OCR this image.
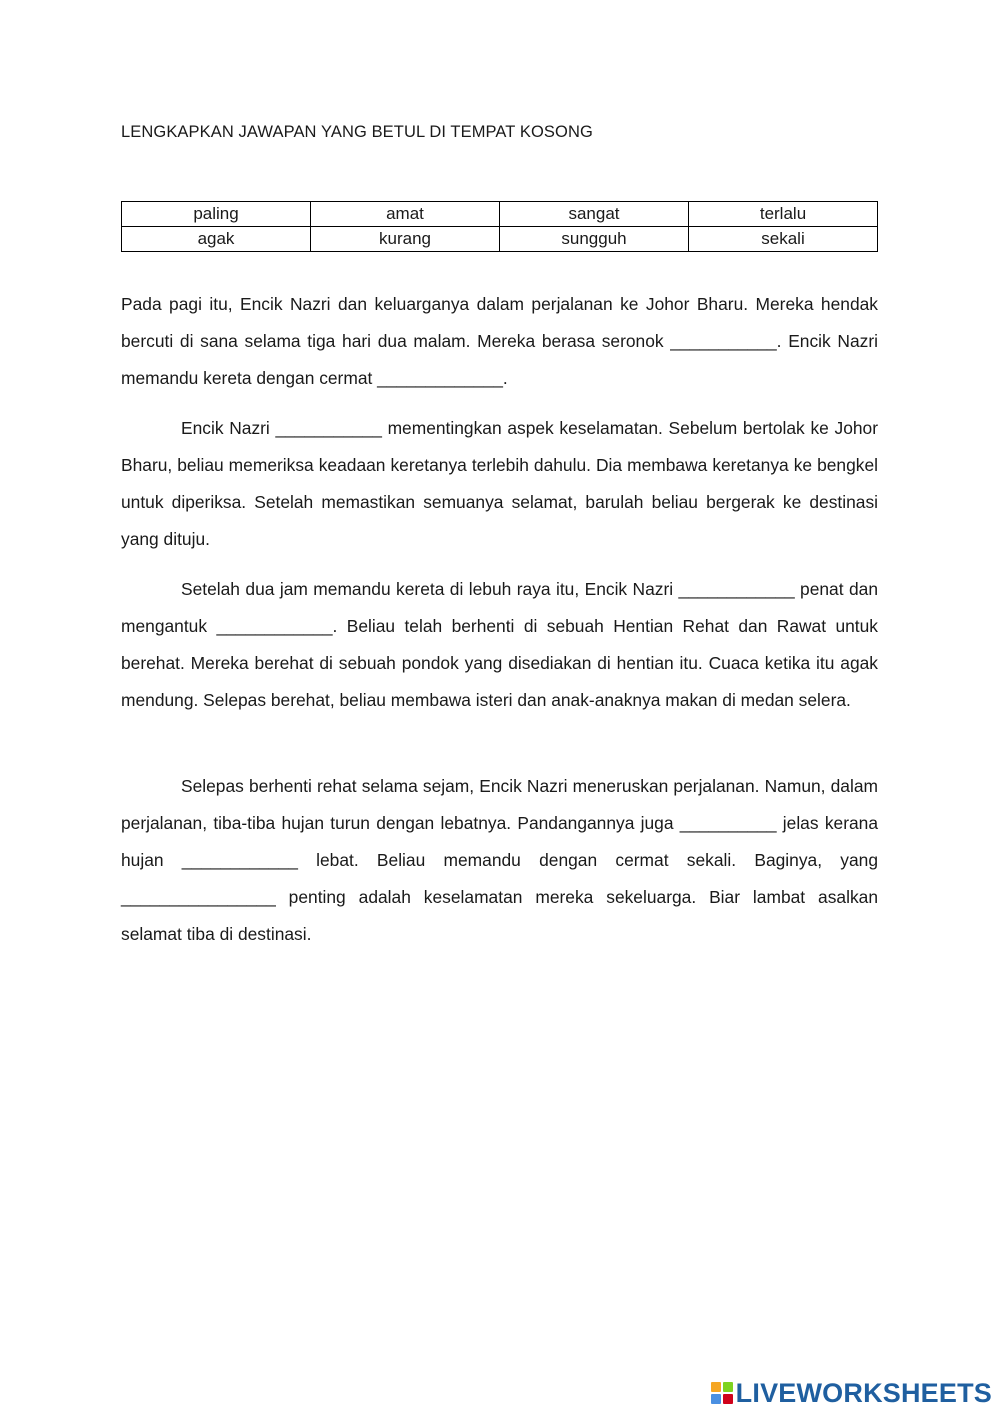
LENGKAPKAN JAWAPAN YANG BETUL DI TEMPAT KOSONG
paling	amat	sangat	terlalu
agak	kurang	sungguh	sekali

Pada pagi itu, Encik Nazri dan keluarganya dalam perjalanan ke Johor Bharu. Mereka hendak bercuti di sana selama tiga hari dua malam. Mereka berasa seronok ___________. Encik Nazri memandu kereta dengan cermat _____________.

Encik Nazri ___________ mementingkan aspek keselamatan. Sebelum bertolak ke Johor Bharu, beliau memeriksa keadaan keretanya terlebih dahulu. Dia membawa keretanya ke bengkel untuk diperiksa. Setelah memastikan semuanya selamat, barulah beliau bergerak ke destinasi yang dituju.

Setelah dua jam memandu kereta di lebuh raya itu, Encik Nazri ____________ penat dan mengantuk ____________. Beliau telah berhenti di sebuah Hentian Rehat dan Rawat untuk berehat. Mereka berehat di sebuah pondok yang disediakan di hentian itu. Cuaca ketika itu agak mendung. Selepas berehat, beliau membawa isteri dan anak-anaknya makan di medan selera.

Selepas berhenti rehat selama sejam, Encik Nazri meneruskan perjalanan. Namun, dalam perjalanan, tiba-tiba hujan turun dengan lebatnya. Pandangannya juga __________ jelas kerana hujan ____________ lebat. Beliau memandu dengan cermat sekali. Baginya, yang ________________ penting adalah keselamatan mereka sekeluarga. Biar lambat asalkan selamat tiba di destinasi.

LIVEWORKSHEETS
